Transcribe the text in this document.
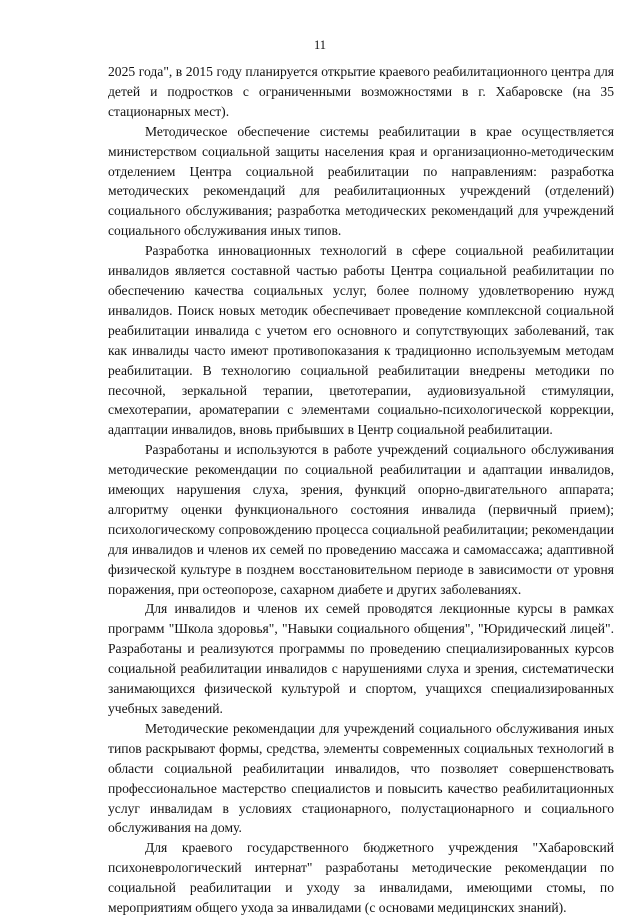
11

2025 года", в 2015 году планируется открытие краевого реабилитационного центра для детей и подростков с ограниченными возможностями в г. Хабаровске (на 35 стационарных мест).

Методическое обеспечение системы реабилитации в крае осуществляется министерством социальной защиты населения края и организационно-методическим отделением Центра социальной реабилитации по направлениям: разработка методических рекомендаций для реабилитационных учреждений (отделений) социального обслуживания; разработка методических рекомендаций для учреждений социального обслуживания иных типов.

Разработка инновационных технологий в сфере социальной реабилитации инвалидов является составной частью работы Центра социальной реабилитации по обеспечению качества социальных услуг, более полному удовлетворению нужд инвалидов. Поиск новых методик обеспечивает проведение комплексной социальной реабилитации инвалида с учетом его основного и сопутствующих заболеваний, так как инвалиды часто имеют противопоказания к традиционно используемым методам реабилитации. В технологию социальной реабилитации внедрены методики по песочной, зеркальной терапии, цветотерапии, аудиовизуальной стимуляции, смехотерапии, ароматерапии с элементами социально-психологической коррекции, адаптации инвалидов, вновь прибывших в Центр социальной реабилитации.

Разработаны и используются в работе учреждений социального обслуживания методические рекомендации по социальной реабилитации и адаптации инвалидов, имеющих нарушения слуха, зрения, функций опорно-двигательного аппарата; алгоритму оценки функционального состояния инвалида (первичный прием); психологическому сопровождению процесса социальной реабилитации; рекомендации для инвалидов и членов их семей по проведению массажа и самомассажа; адаптивной физической культуре в позднем восстановительном периоде в зависимости от уровня поражения, при остеопорозе, сахарном диабете и других заболеваниях.

Для инвалидов и членов их семей проводятся лекционные курсы в рамках программ "Школа здоровья", "Навыки социального общения", "Юридический лицей". Разработаны и реализуются программы по проведению специализированных курсов социальной реабилитации инвалидов с нарушениями слуха и зрения, систематически занимающихся физической культурой и спортом, учащихся специализированных учебных заведений.

Методические рекомендации для учреждений социального обслуживания иных типов раскрывают формы, средства, элементы современных социальных технологий в области социальной реабилитации инвалидов, что позволяет совершенствовать профессиональное мастерство специалистов и повысить качество реабилитационных услуг инвалидам в условиях стационарного, полустационарного и социального обслуживания на дому.

Для краевого государственного бюджетного учреждения "Хабаровский психоневрологический интернат" разработаны методические рекомендации по социальной реабилитации и уходу за инвалидами, имеющими стомы, по мероприятиям общего ухода за инвалидами (с основами медицинских знаний).
